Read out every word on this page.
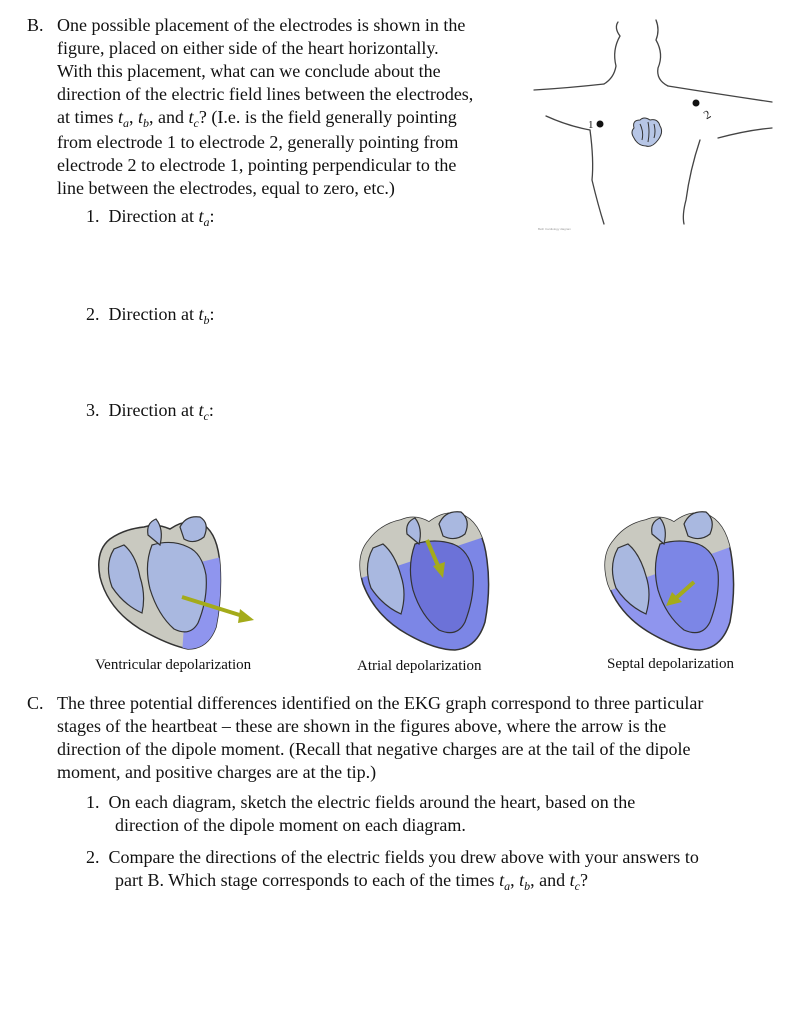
B. One possible placement of the electrodes is shown in the
figure, placed on either side of the heart horizontally.
With this placement, what can we conclude about the
direction of the electric field lines between the electrodes,
at times $t_a$, $t_b$, and $t_c$? (I.e. is the field generally pointing
from electrode 1 to electrode 2, generally pointing from
electrode 2 to electrode 1, pointing perpendicular to the
line between the electrodes, equal to zero, etc.)
1. Direction at $t_a$:
2. Direction at $t_b$:
3. Direction at $t_c$:
1
2
Beth Cardiology diagram
Ventricular depolarization	Atrial depolarization	Septal depolarization
C. The three potential differences identified on the EKG graph correspond to three particular
stages of the heartbeat – these are shown in the figures above, where the arrow is the
direction of the dipole moment. (Recall that negative charges are at the tail of the dipole
moment, and positive charges are at the tip.)
1. On each diagram, sketch the electric fields around the heart, based on the
direction of the dipole moment on each diagram.
2. Compare the directions of the electric fields you drew above with your answers to
part B. Which stage corresponds to each of the times $t_a$, $t_b$, and $t_c$?
